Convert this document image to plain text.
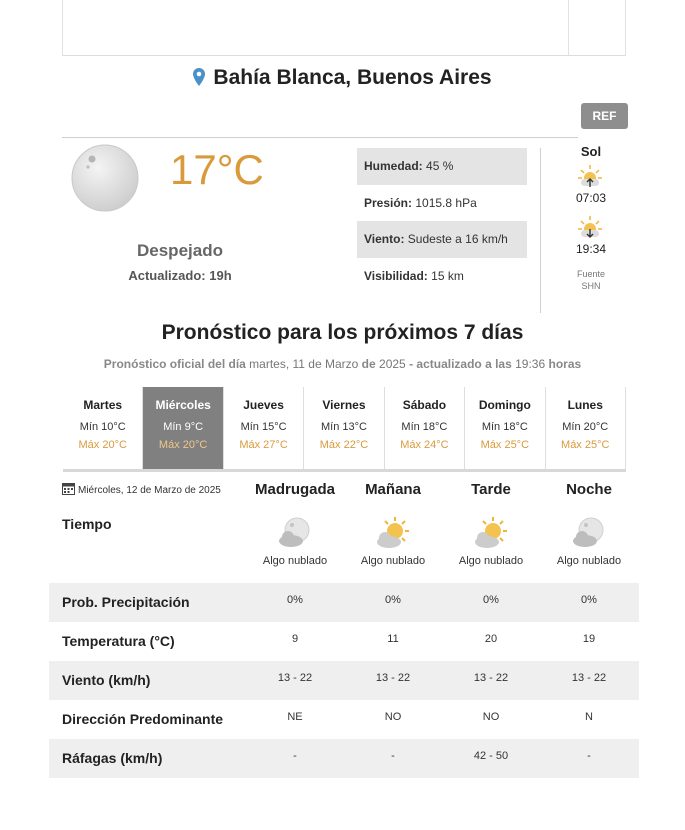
Bahía Blanca, Buenos Aires
REF
17°C
Despejado
Actualizado: 19h
Humedad: 45 %
Presión: 1015.8 hPa
Viento: Sudeste a 16 km/h
Visibilidad: 15 km
Sol
07:03
19:34
Fuente
SHN
Pronóstico para los próximos 7 días
Pronóstico oficial del día martes, 11 de Marzo de 2025 - actualizado a las 19:36 horas
Martes
Mín 10°C
Máx 20°C
Miércoles
Mín 9°C
Máx 20°C
Jueves
Mín 15°C
Máx 27°C
Viernes
Mín 13°C
Máx 22°C
Sábado
Mín 18°C
Máx 24°C
Domingo
Mín 18°C
Máx 25°C
Lunes
Mín 20°C
Máx 25°C
Miércoles, 12 de Marzo de 2025	Madrugada	Mañana	Tarde	Noche
Tiempo
Algo nublado	Algo nublado	Algo nublado	Algo nublado
Prob. Precipitación	0%	0%	0%	0%
Temperatura (°C)	9	11	20	19
Viento (km/h)	13 - 22	13 - 22	13 - 22	13 - 22
Dirección Predominante	NE	NO	NO	N
Ráfagas (km/h)	-	-	42 - 50	-
